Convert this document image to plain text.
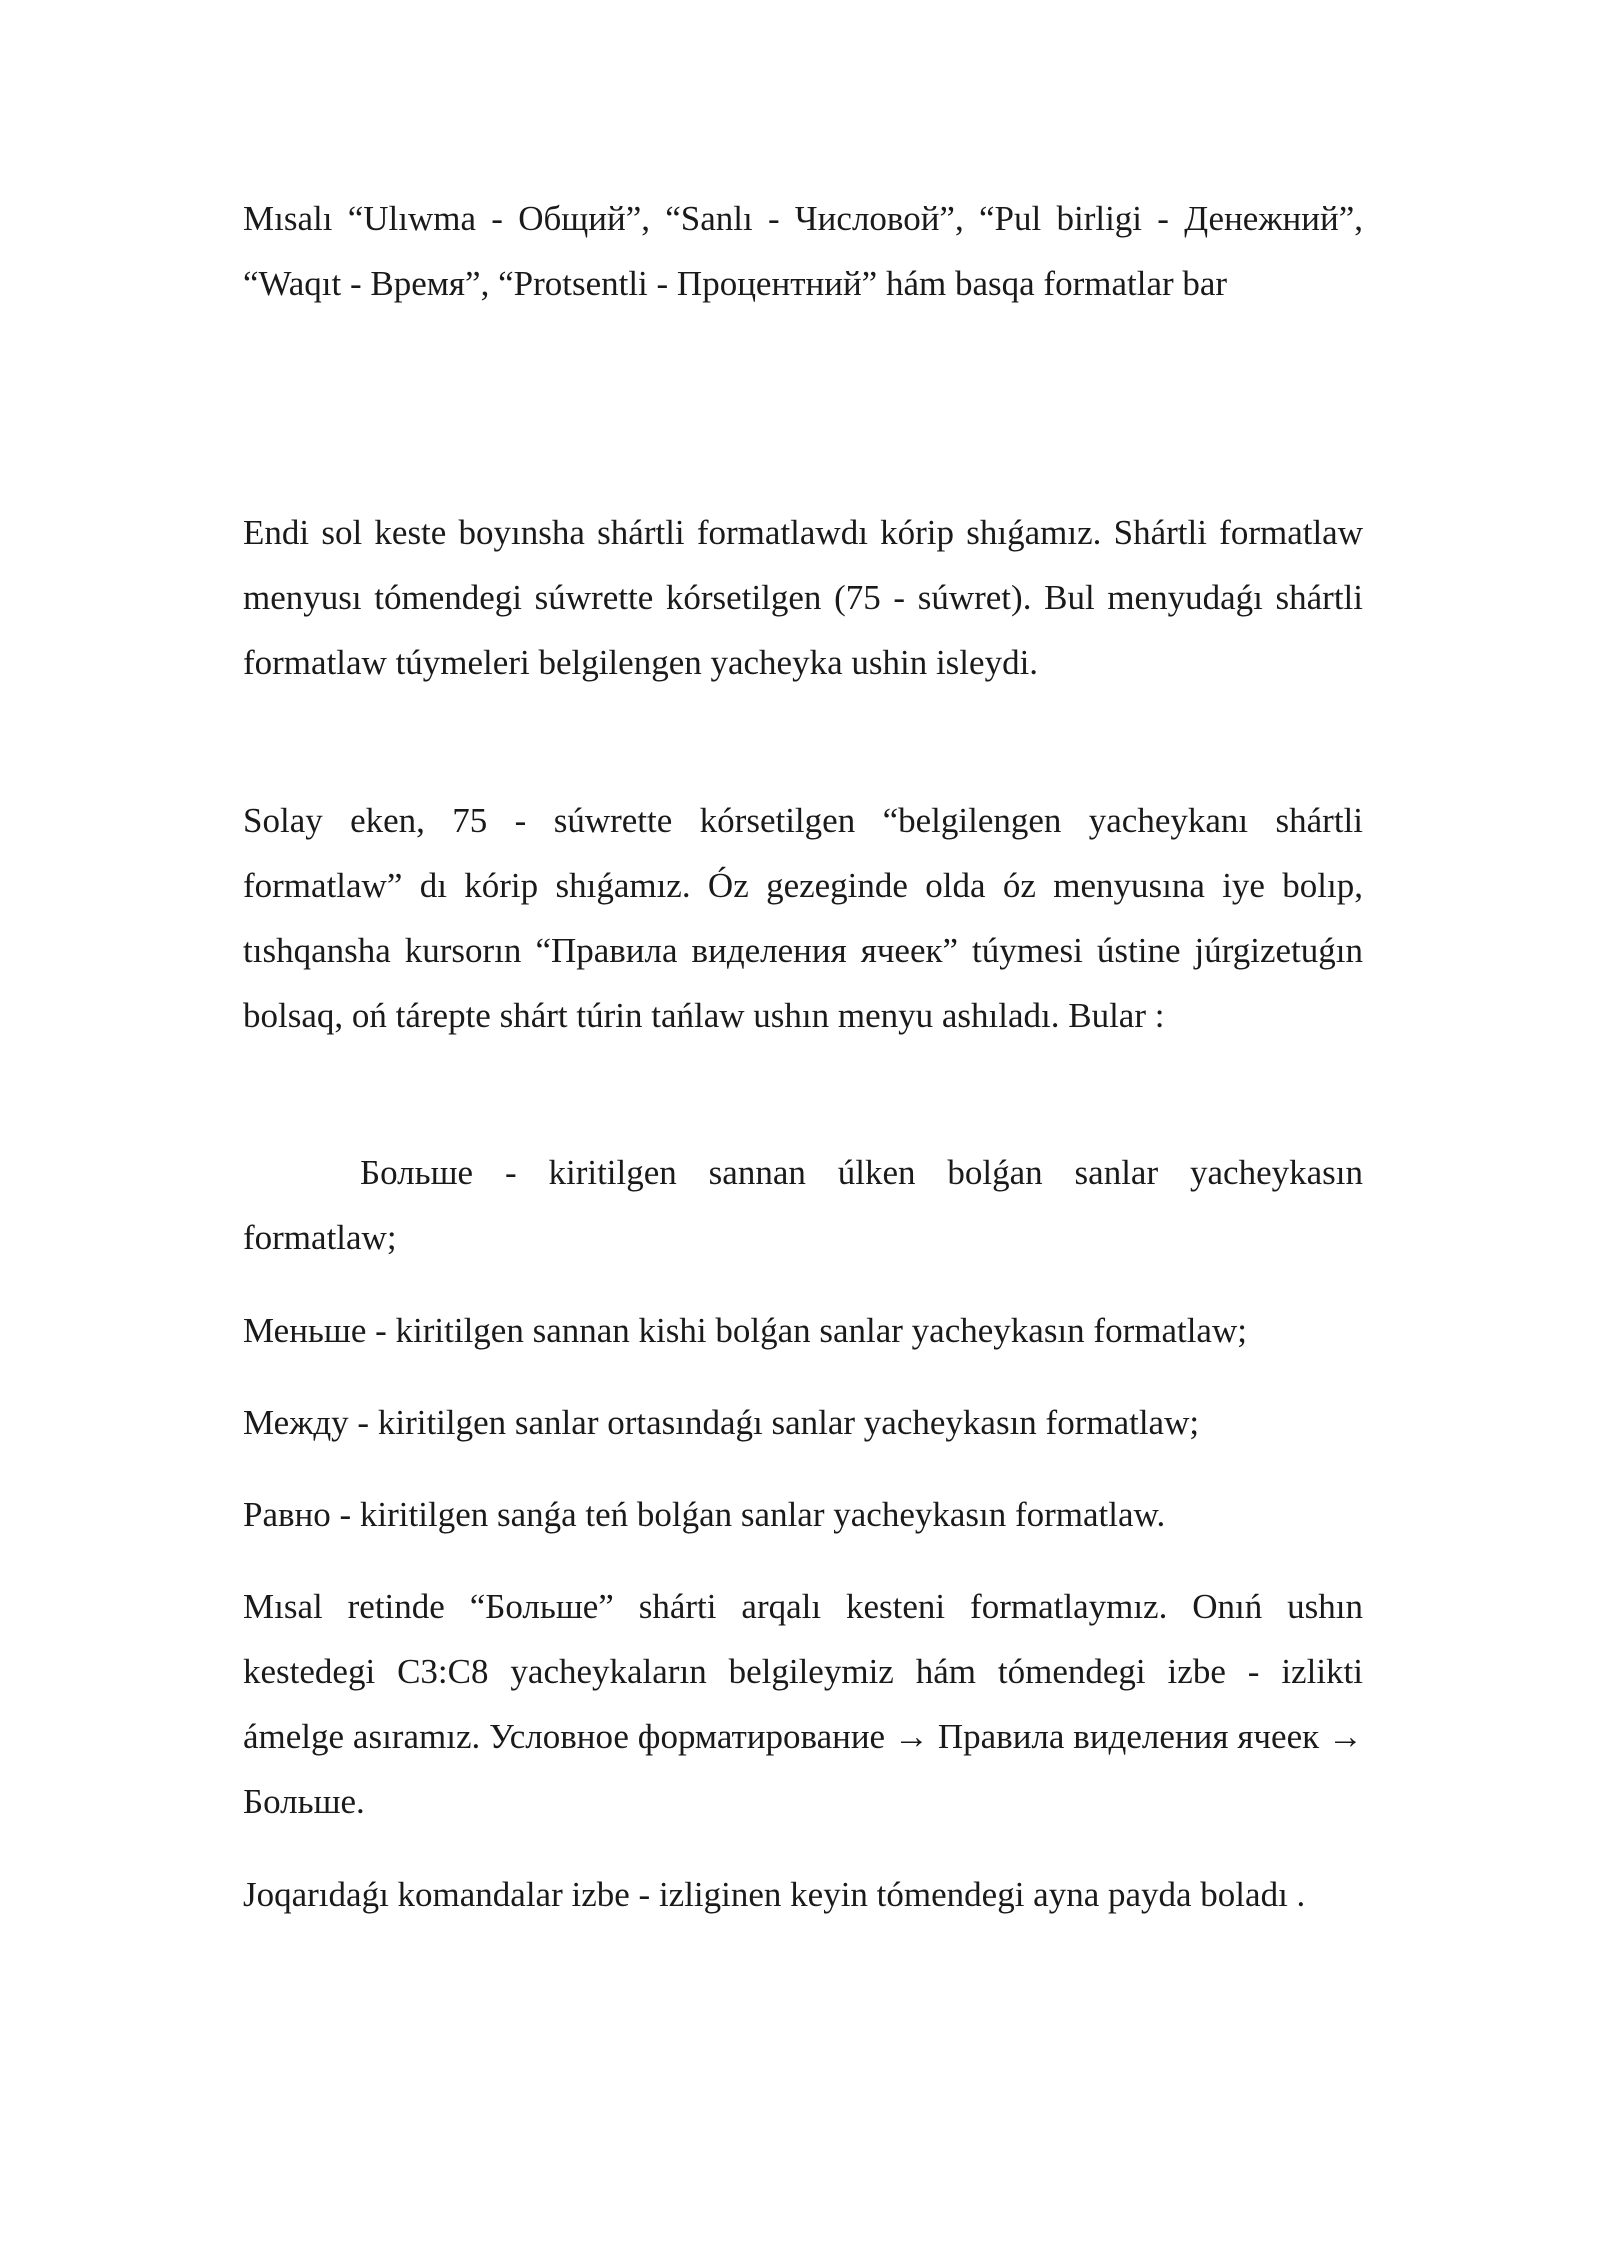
Mısalı “Ulıwma - Общий”, “Sanlı - Числовой”, “Pul birligi - Денежний”, “Waqıt - Время”, “Protsentli - Процентний” hám basqa formatlar bar

Endi sol keste boyınsha shártli formatlawdı kórip shıǵamız. Shártli formatlaw menyusı tómendegi súwrette kórsetilgen (75 - súwret). Bul menyudaǵı shártli formatlaw túymeleri belgilengen yacheyka ushin isleydi.

Solay eken, 75 - súwrette kórsetilgen “belgilengen yacheykanı shártli formatlaw” dı kórip shıǵamız. Óz gezeginde olda óz menyusına iye bolıp, tıshqansha kursorın “Правила виделения ячеек” túymesi ústine júrgizetuǵın bolsaq, oń tárepte shárt túrin tańlaw ushın menyu ashıladı. Bular :

Больше - kiritilgen sannan úlken bolǵan sanlar yacheykasın formatlaw;

Меньше - kiritilgen sannan kishi bolǵan sanlar yacheykasın formatlaw;

Между - kiritilgen sanlar ortasındaǵı sanlar yacheykasın formatlaw;

Равно - kiritilgen sanǵa teń bolǵan sanlar yacheykasın formatlaw.

Mısal retinde “Больше” shárti arqalı kesteni formatlaymız. Onıń ushın kestedegi C3:C8 yacheykaların belgileymiz hám tómendegi izbe - izlikti ámelge asıramız. Условное форматирование → Правила виделения ячеек → Больше.

Joqarıdaǵı komandalar izbe - izliginen keyin tómendegi ayna payda boladı .
